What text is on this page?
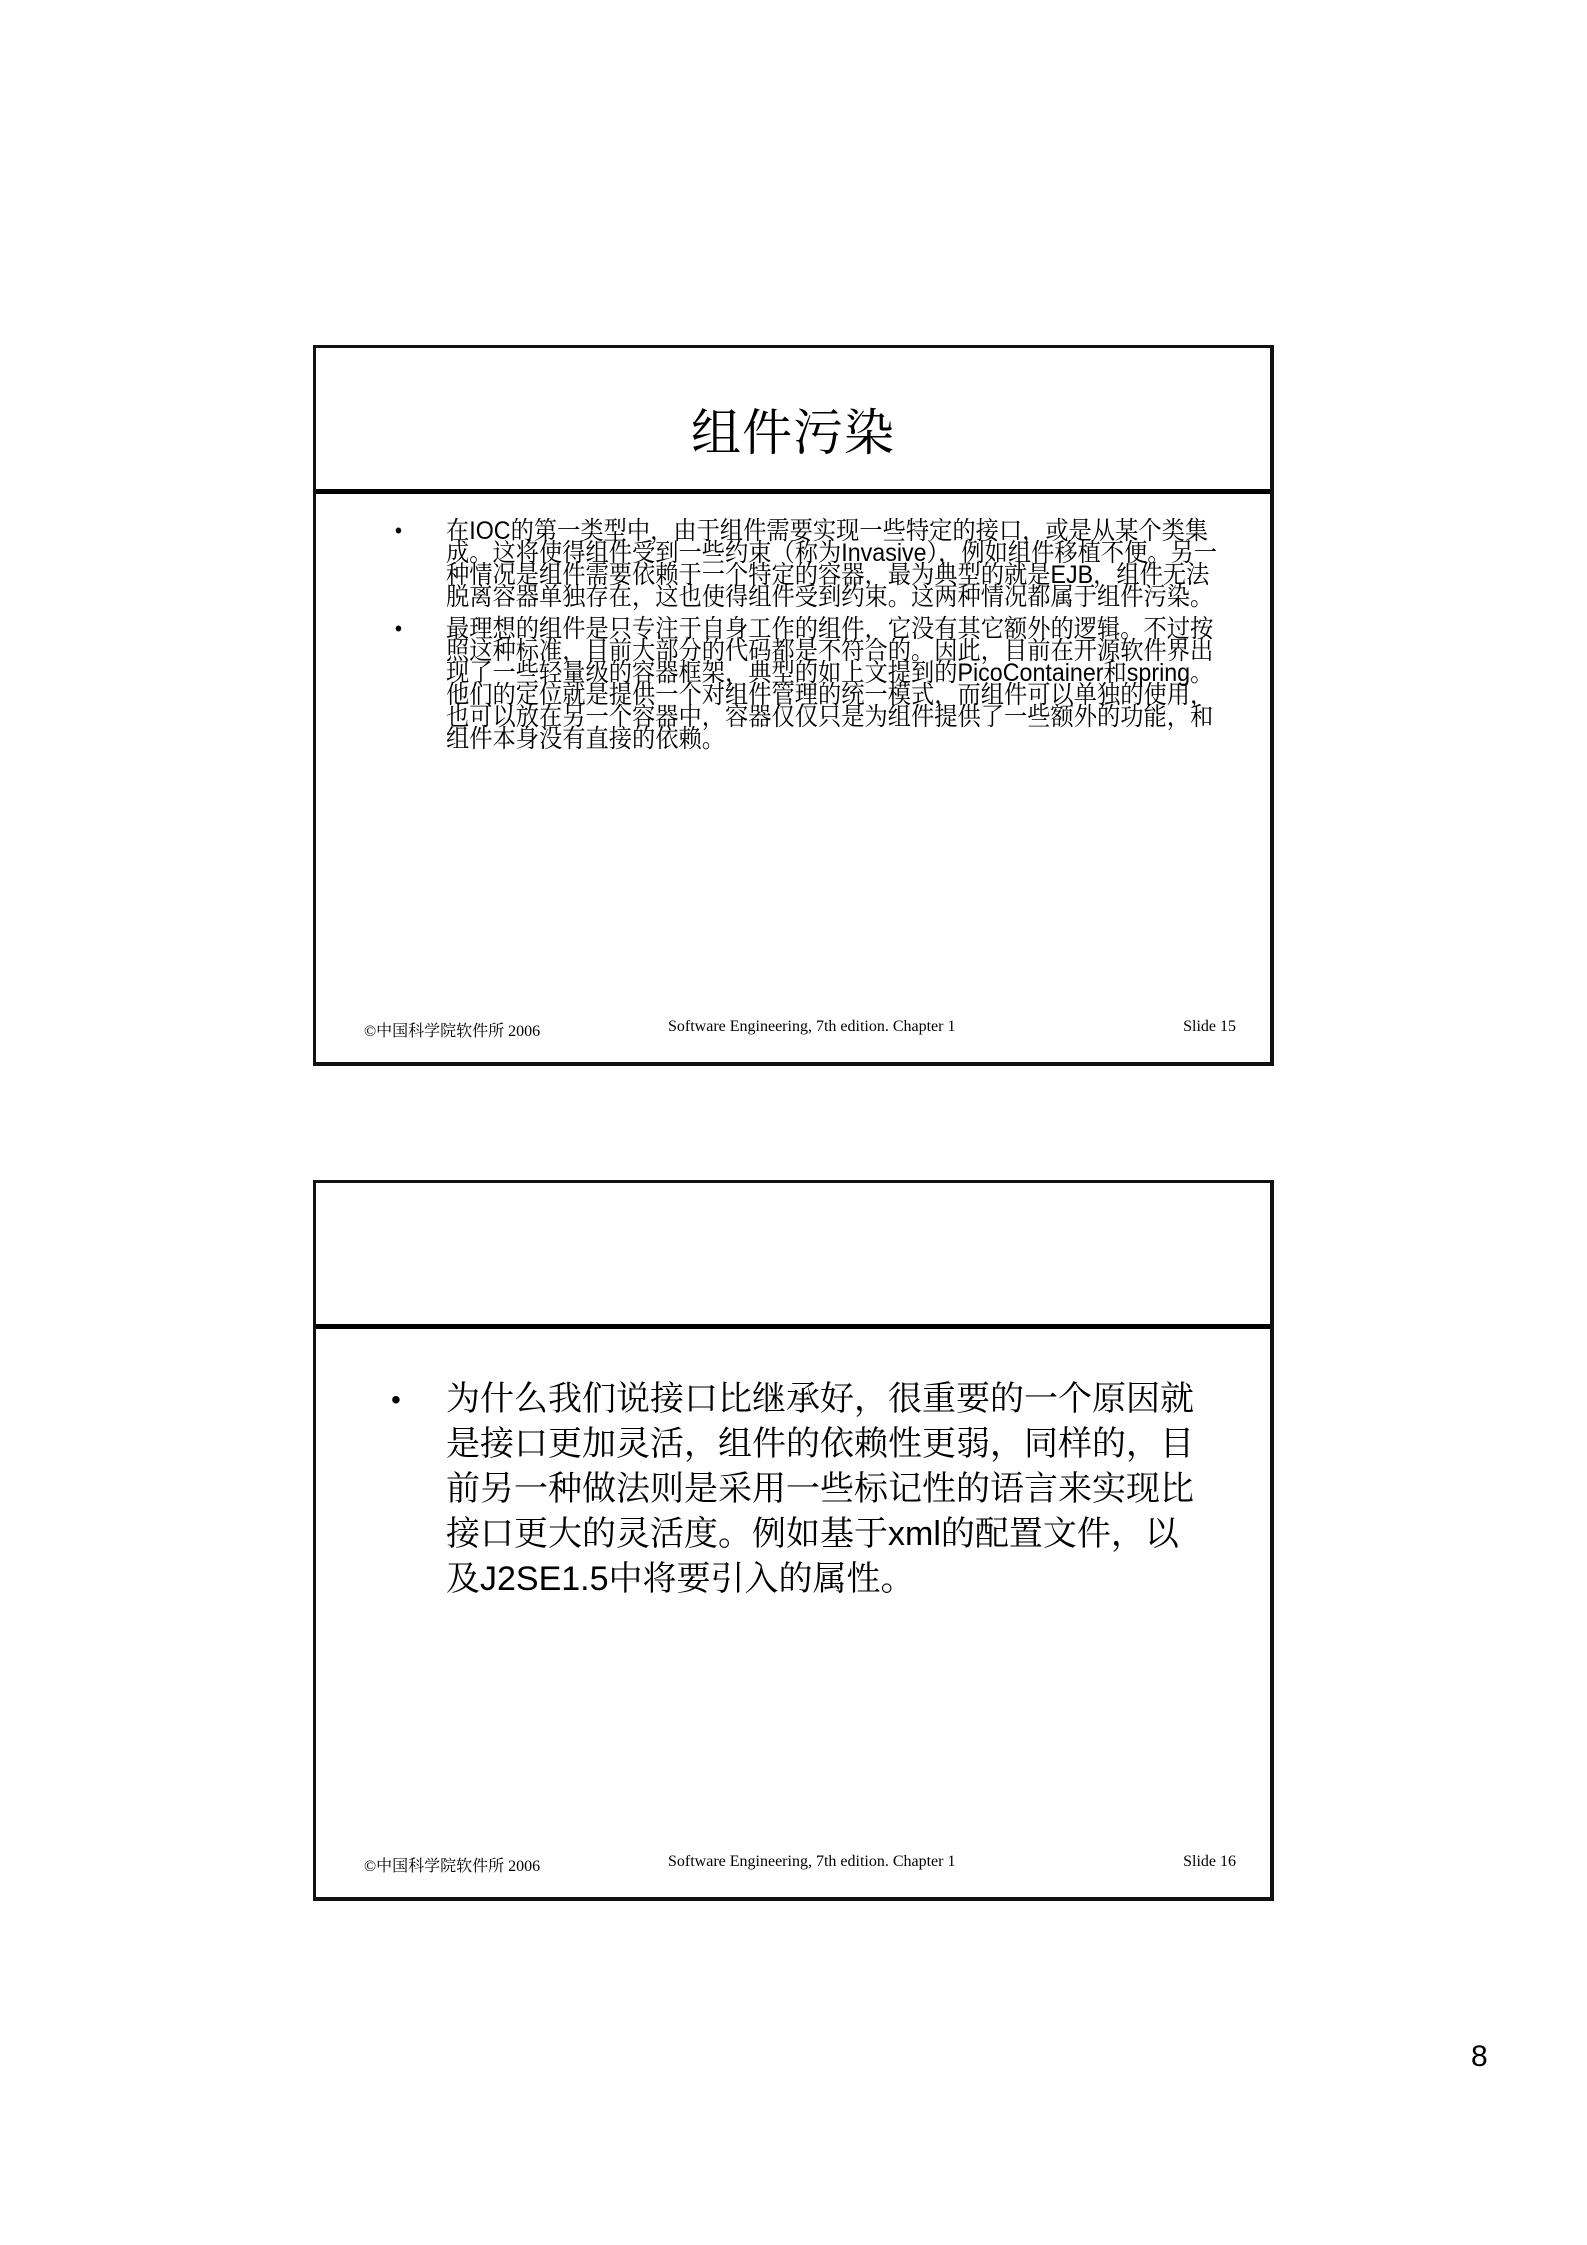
组件污染
• 在IOC的第一类型中，由于组件需要实现一些特定的接口，或是从某个类集成。这将使得组件受到一些约束（称为Invasive），例如组件移植不便。另一种情况是组件需要依赖于一个特定的容器，最为典型的就是EJB，组件无法脱离容器单独存在，这也使得组件受到约束。这两种情况都属于组件污染。
• 最理想的组件是只专注于自身工作的组件，它没有其它额外的逻辑。不过按照这种标准，目前大部分的代码都是不符合的。因此，目前在开源软件界出现了一些轻量级的容器框架，典型的如上文提到的PicoContainer和spring。他们的定位就是提供一个对组件管理的统一模式，而组件可以单独的使用，也可以放在另一个容器中，容器仅仅只是为组件提供了一些额外的功能，和组件本身没有直接的依赖。
©中国科学院软件所 2006	Software Engineering, 7th edition. Chapter 1	Slide 15
• 为什么我们说接口比继承好，很重要的一个原因就是接口更加灵活，组件的依赖性更弱，同样的，目前另一种做法则是采用一些标记性的语言来实现比接口更大的灵活度。例如基于xml的配置文件，以及J2SE1.5中将要引入的属性。
©中国科学院软件所 2006	Software Engineering, 7th edition. Chapter 1	Slide 16
8
